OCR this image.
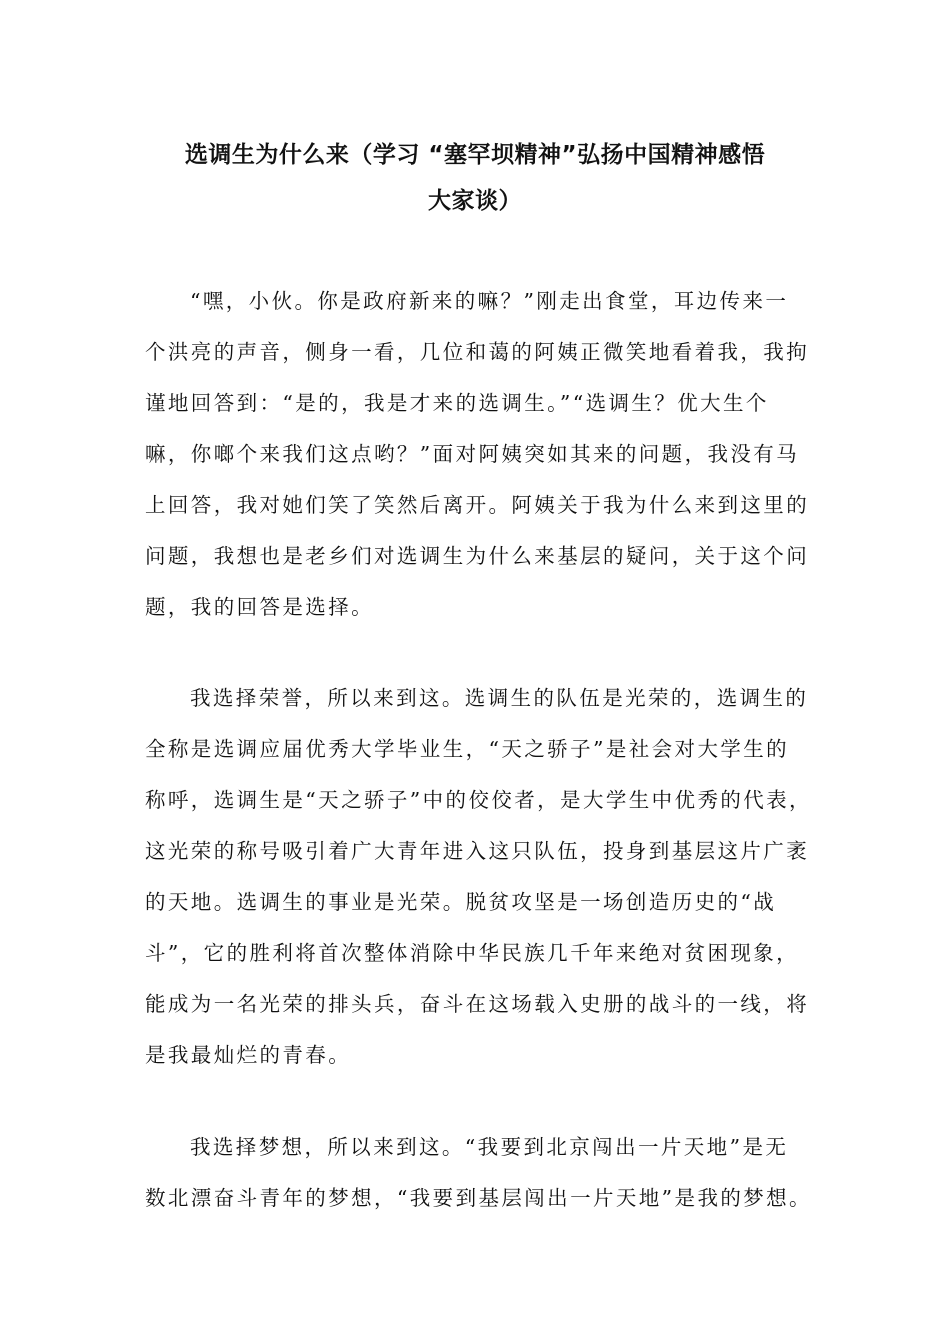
选调生为什么来（学习 “塞罕坝精神”弘扬中国精神感悟
大家谈）
“嘿，小伙。你是政府新来的嘛？”刚走出食堂，耳边传来一
个洪亮的声音，侧身一看，几位和蔼的阿姨正微笑地看着我，我拘
谨地回答到：“是的，我是才来的选调生。”“选调生？优大生个
嘛，你啷个来我们这点哟？”面对阿姨突如其来的问题，我没有马
上回答，我对她们笑了笑然后离开。阿姨关于我为什么来到这里的
问题，我想也是老乡们对选调生为什么来基层的疑问，关于这个问
题，我的回答是选择。
我选择荣誉，所以来到这。选调生的队伍是光荣的，选调生的
全称是选调应届优秀大学毕业生，“天之骄子”是社会对大学生的
称呼，选调生是“天之骄子”中的佼佼者，是大学生中优秀的代表，
这光荣的称号吸引着广大青年进入这只队伍，投身到基层这片广袤
的天地。选调生的事业是光荣。脱贫攻坚是一场创造历史的“战
斗”，它的胜利将首次整体消除中华民族几千年来绝对贫困现象，
能成为一名光荣的排头兵，奋斗在这场载入史册的战斗的一线，将
是我最灿烂的青春。
我选择梦想，所以来到这。“我要到北京闯出一片天地”是无
数北漂奋斗青年的梦想，“我要到基层闯出一片天地”是我的梦想。
